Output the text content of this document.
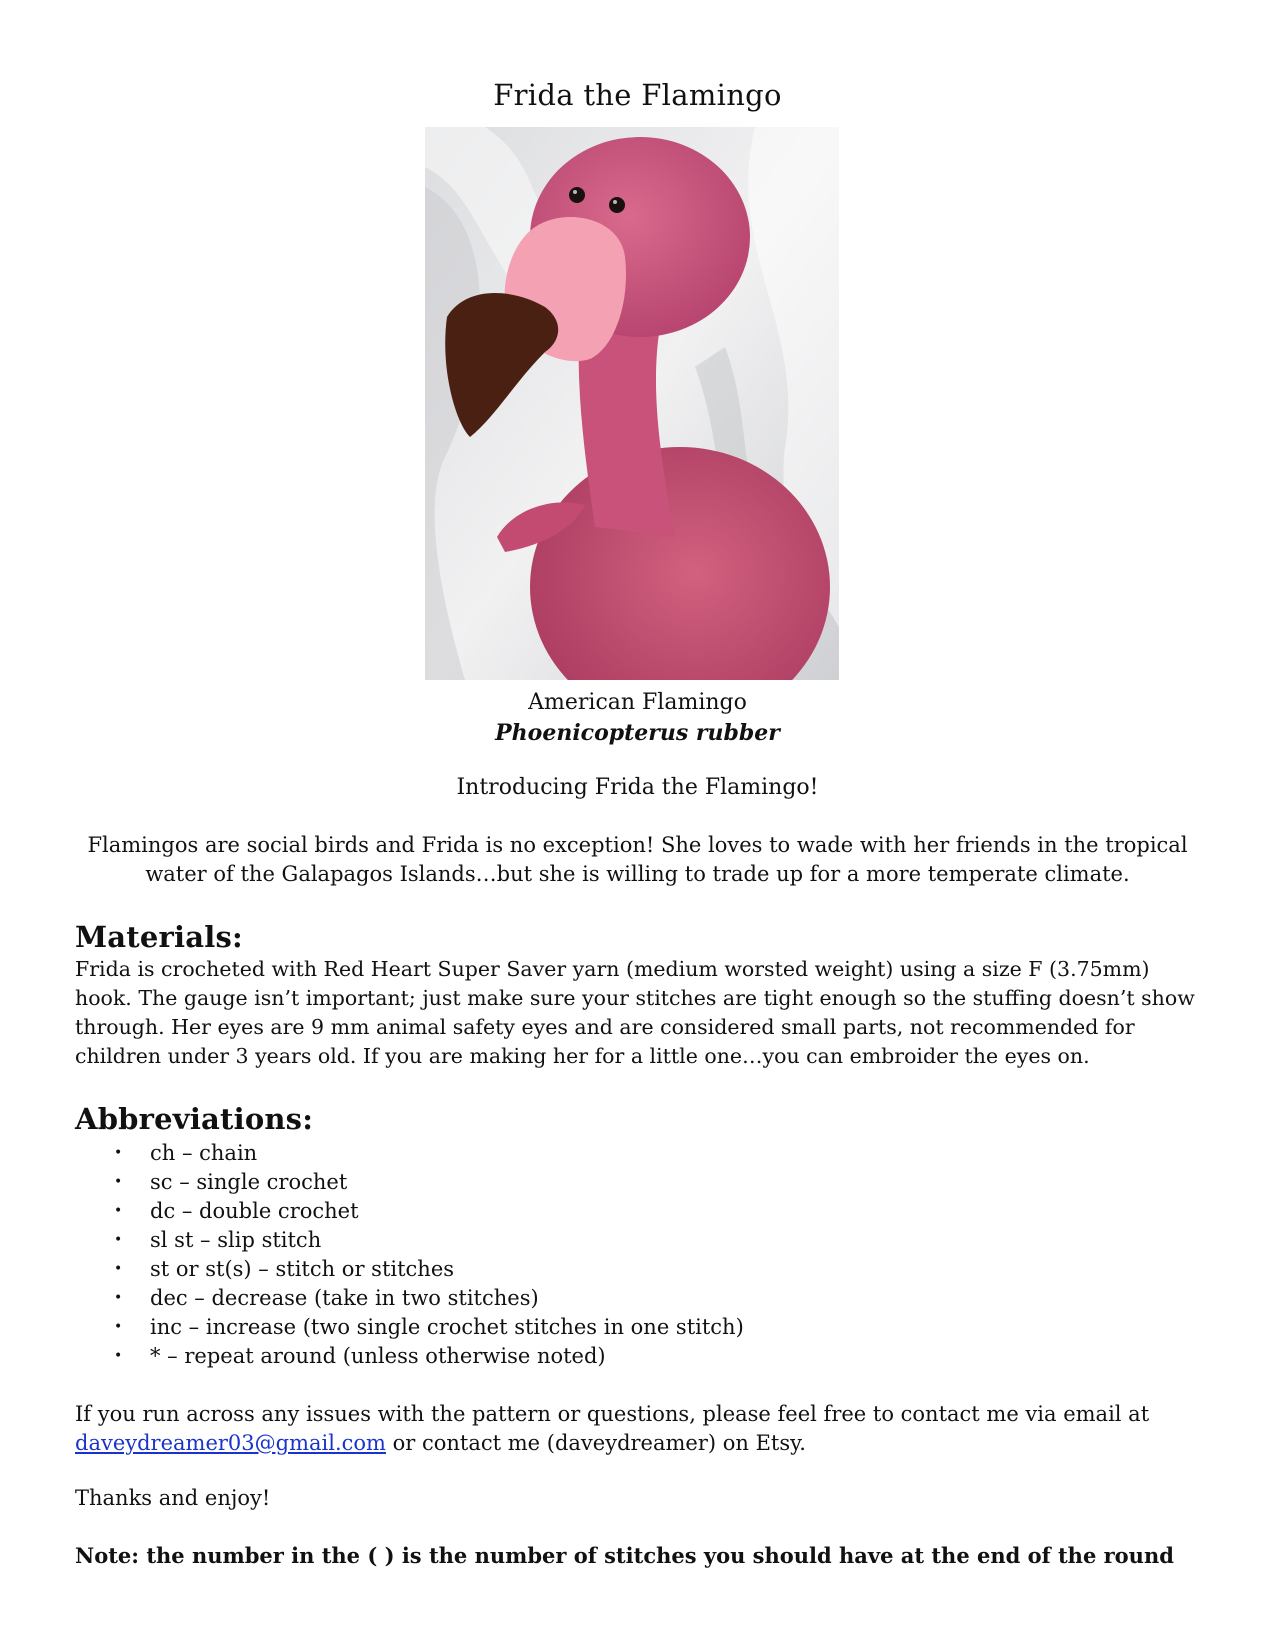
Frida the Flamingo
American Flamingo
Phoenicopterus rubber

Introducing Frida the Flamingo!

Flamingos are social birds and Frida is no exception! She loves to wade with her friends in the tropical water of the Galapagos Islands…but she is willing to trade up for a more temperate climate.

Materials:

Frida is crocheted with Red Heart Super Saver yarn (medium worsted weight) using a size F (3.75mm) hook. The gauge isn’t important; just make sure your stitches are tight enough so the stuffing doesn’t show through. Her eyes are 9 mm animal safety eyes and are considered small parts, not recommended for children under 3 years old. If you are making her for a little one…you can embroider the eyes on.

Abbreviations:
• ch – chain
• sc – single crochet
• dc – double crochet
• sl st – slip stitch
• st or st(s) – stitch or stitches
• dec – decrease (take in two stitches)
• inc – increase (two single crochet stitches in one stitch)
• * – repeat around (unless otherwise noted)

If you run across any issues with the pattern or questions, please feel free to contact me via email at daveydreamer03@gmail.com or contact me (daveydreamer) on Etsy.

Thanks and enjoy!

Note: the number in the ( ) is the number of stitches you should have at the end of the round
